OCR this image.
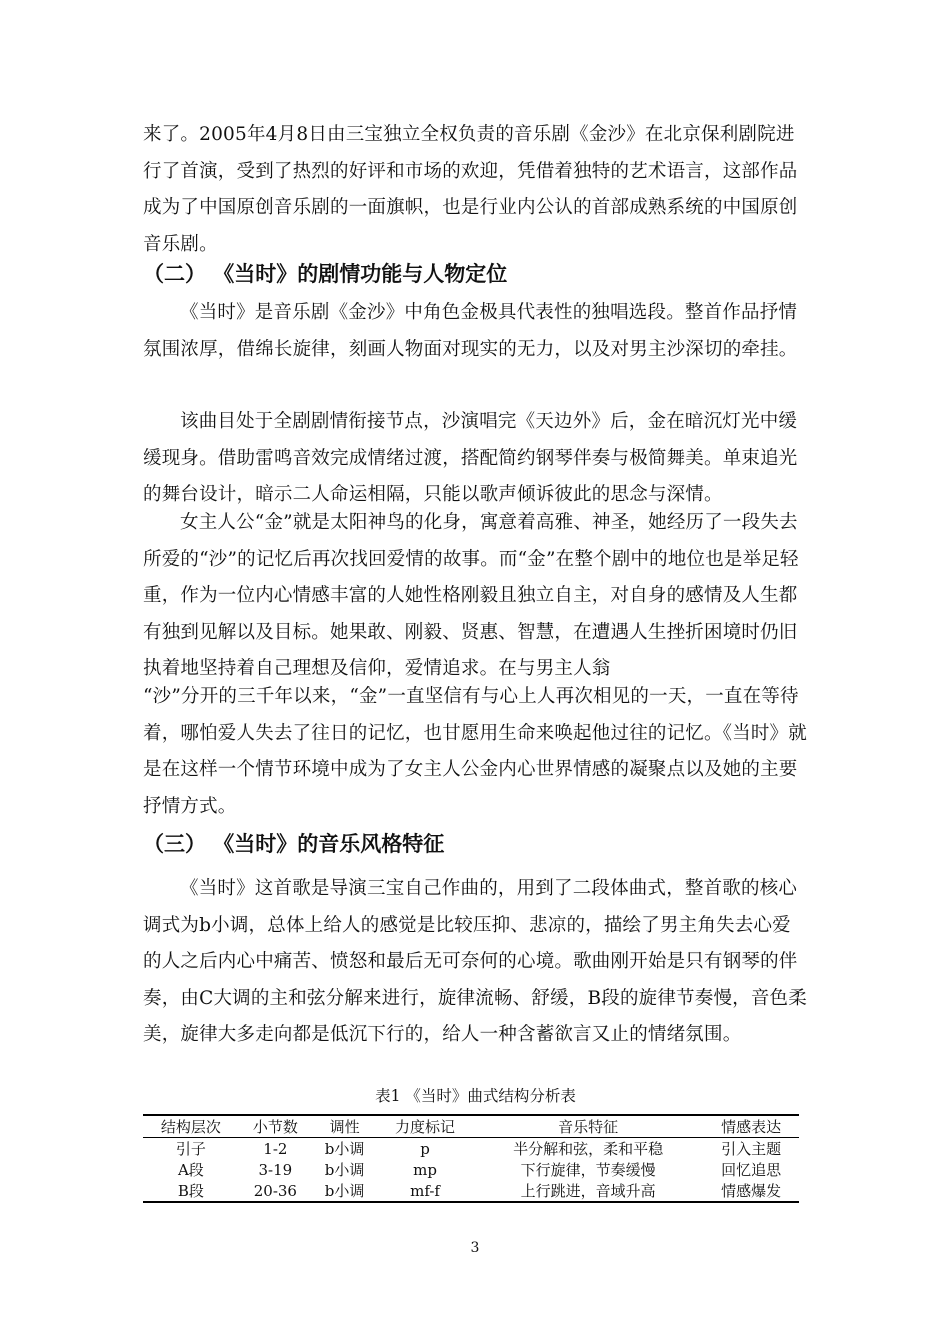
来了。2005年4月8日由三宝独立全权负责的音乐剧《金沙》在北京保利剧院进行了首演，受到了热烈的好评和市场的欢迎，凭借着独特的艺术语言，这部作品成为了中国原创音乐剧的一面旗帜，也是行业内公认的首部成熟系统的中国原创音乐剧。

（二） 《当时》的剧情功能与人物定位

《当时》是音乐剧《金沙》中角色金极具代表性的独唱选段。整首作品抒情氛围浓厚，借绵长旋律，刻画人物面对现实的无力，以及对男主沙深切的牵挂。

该曲目处于全剧剧情衔接节点，沙演唱完《天边外》后，金在暗沉灯光中缓缓现身。借助雷鸣音效完成情绪过渡，搭配简约钢琴伴奏与极简舞美。单束追光的舞台设计，暗示二人命运相隔，只能以歌声倾诉彼此的思念与深情。

女主人公“金”就是太阳神鸟的化身，寓意着高雅、神圣，她经历了一段失去所爱的“沙”的记忆后再次找回爱情的故事。而“金”在整个剧中的地位也是举足轻重，作为一位内心情感丰富的人她性格刚毅且独立自主，对自身的感情及人生都有独到见解以及目标。她果敢、刚毅、贤惠、智慧，在遭遇人生挫折困境时仍旧执着地坚持着自己理想及信仰，爱情追求。在与男主人翁

“沙”分开的三千年以来，“金”一直坚信有与心上人再次相见的一天，一直在等待着，哪怕爱人失去了往日的记忆，也甘愿用生命来唤起他过往的记忆。《当时》就是在这样一个情节环境中成为了女主人公金内心世界情感的凝聚点以及她的主要抒情方式。

（三） 《当时》的音乐风格特征

《当时》这首歌是导演三宝自己作曲的，用到了二段体曲式，整首歌的核心调式为b小调，总体上给人的感觉是比较压抑、悲凉的，描绘了男主角失去心爱的人之后内心中痛苦、愤怒和最后无可奈何的心境。歌曲刚开始是只有钢琴的伴奏，由C大调的主和弦分解来进行，旋律流畅、舒缓，B段的旋律节奏慢，音色柔美，旋律大多走向都是低沉下行的，给人一种含蓄欲言又止的情绪氛围。

表1 《当时》曲式结构分析表
结构层次	小节数	调性	力度标记	音乐特征	情感表达
引子	1-2	b小调	p	半分解和弦，柔和平稳	引入主题
A段	3-19	b小调	mp	下行旋律，节奏缓慢	回忆追思
B段	20-36	b小调	mf-f	上行跳进，音域升高	情感爆发
3
